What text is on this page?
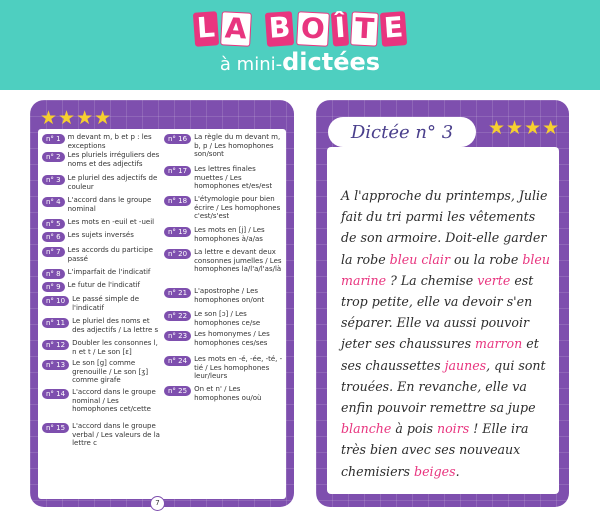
L A B O Î T E
à mini-dictées
★★★★
n° 1	m devant m, b et p : les exceptions
n° 2	Les pluriels irréguliers des noms et des adjectifs
n° 3	Le pluriel des adjectifs de couleur
n° 4	L'accord dans le groupe nominal
n° 5	Les mots en -euil et -ueil
n° 6	Les sujets inversés
n° 7	Les accords du participe passé
n° 8	L'imparfait de l'indicatif
n° 9	Le futur de l'indicatif
n° 10	Le passé simple de l'indicatif
n° 11	Le pluriel des noms et des adjectifs / La lettre s
n° 12	Doubler les consonnes l, n et t / Le son [ɛ]
n° 13	Le son [g] comme grenouille / Le son [ʒ] comme girafe
n° 14	L'accord dans le groupe nominal / Les homophones cet/cette
n° 15	L'accord dans le groupe verbal / Les valeurs de la lettre c
n° 16	La règle du m devant m, b, p / Les homophones son/sont
n° 17	Les lettres finales muettes / Les homophones et/es/est
n° 18	L'étymologie pour bien écrire / Les homophones c'est/s'est
n° 19	Les mots en [j] / Les homophones à/a/as
n° 20	La lettre e devant deux consonnes jumelles / Les homophones la/l'a/l'as/là
n° 21	L'apostrophe / Les homophones on/ont
n° 22	Le son [ɔ] / Les homophones ce/se
n° 23	Les homonymes / Les homophones ces/ses
n° 24	Les mots en -é, -ée, -té, -tié / Les homophones leur/leurs
n° 25	On et n' / Les homophones ou/où
7
Dictée n° 3 ★★★★
A l'approche du printemps, Julie fait du tri parmi les vêtements de son armoire. Doit-elle garder la robe bleu clair ou la robe bleu marine ? La chemise verte est trop petite, elle va devoir s'en séparer. Elle va aussi pouvoir jeter ses chaussures marron et ses chaussettes jaunes, qui sont trouées. En revanche, elle va enfin pouvoir remettre sa jupe blanche à pois noirs ! Elle ira très bien avec ses nouveaux chemisiers beiges.
